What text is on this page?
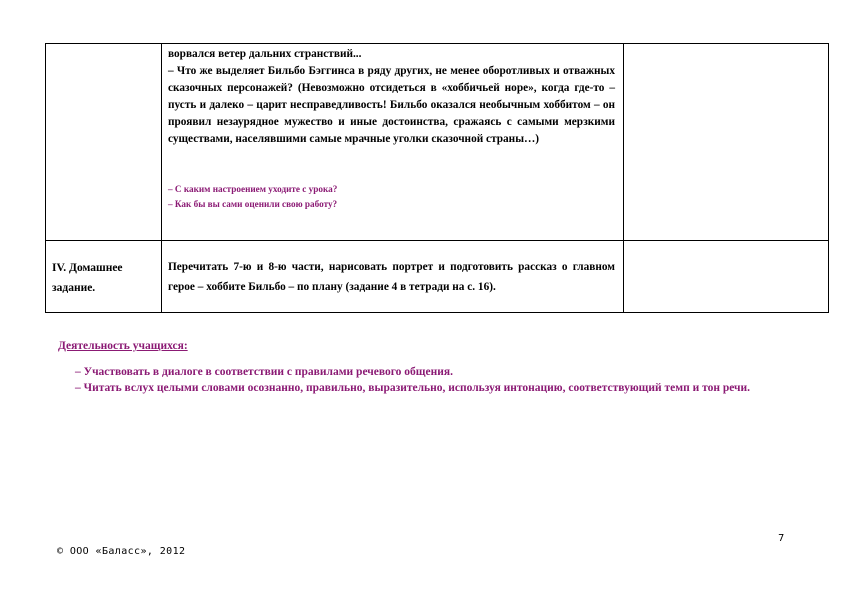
	ворвался ветер дальних странствий...

– Что же выделяет Бильбо Бэггинса в ряду других, не менее оборотливых и отважных сказочных персонажей? (Невозможно отсидеться в «хоббичьей норе», когда где-то – пусть и далеко – царит несправедливость! Бильбо оказался необычным хоббитом – он проявил незаурядное мужество и иные достоинства, сражаясь с самыми мерзкими существами, населявшими самые мрачные уголки сказочной страны…)

– С каким настроением уходите с урока?

– Как бы вы сами оценили свою работу?	

IV. Домашнее задание.	Перечитать 7-ю и 8-ю части, нарисовать портрет и подготовить рассказ о главном герое – хоббите Бильбо – по плану (задание 4 в тетради на с. 16).	

Деятельность учащихся:
– Участвовать в диалоге в соответствии с правилами речевого общения.
– Читать вслух целыми словами осознанно, правильно, выразительно, используя интонацию, соответствующий темп и тон речи.
7
© ООО «Баласс», 2012
